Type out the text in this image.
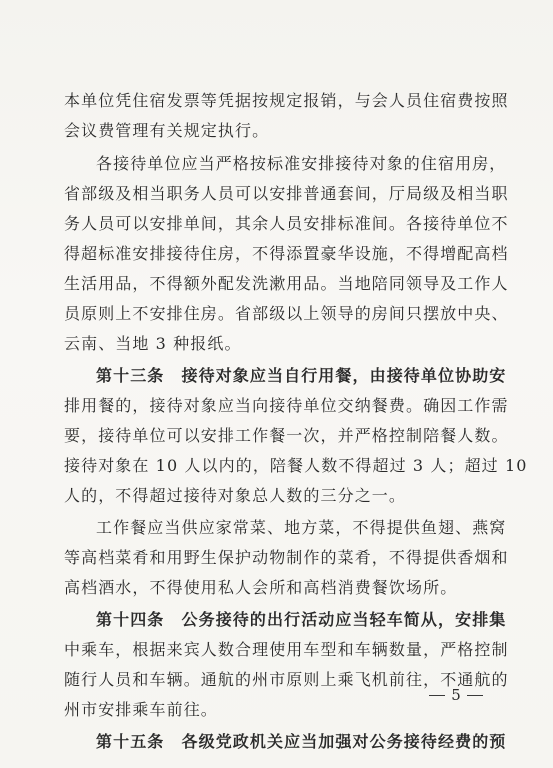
本单位凭住宿发票等凭据按规定报销，与会人员住宿费按照
会议费管理有关规定执行。
各接待单位应当严格按标准安排接待对象的住宿用房，
省部级及相当职务人员可以安排普通套间，厅局级及相当职
务人员可以安排单间，其余人员安排标准间。各接待单位不
得超标准安排接待住房，不得添置豪华设施，不得增配高档
生活用品，不得额外配发洗漱用品。当地陪同领导及工作人
员原则上不安排住房。省部级以上领导的房间只摆放中央、
云南、当地 3 种报纸。
第十三条　接待对象应当自行用餐，由接待单位协助安
排用餐的，接待对象应当向接待单位交纳餐费。确因工作需
要，接待单位可以安排工作餐一次，并严格控制陪餐人数。
接待对象在 10 人以内的，陪餐人数不得超过 3 人；超过 10
人的，不得超过接待对象总人数的三分之一。
工作餐应当供应家常菜、地方菜，不得提供鱼翅、燕窝
等高档菜肴和用野生保护动物制作的菜肴，不得提供香烟和
高档酒水，不得使用私人会所和高档消费餐饮场所。
第十四条　公务接待的出行活动应当轻车简从，安排集
中乘车，根据来宾人数合理使用车型和车辆数量，严格控制
随行人员和车辆。通航的州市原则上乘飞机前往，不通航的
州市安排乘车前往。
第十五条　各级党政机关应当加强对公务接待经费的预
5
